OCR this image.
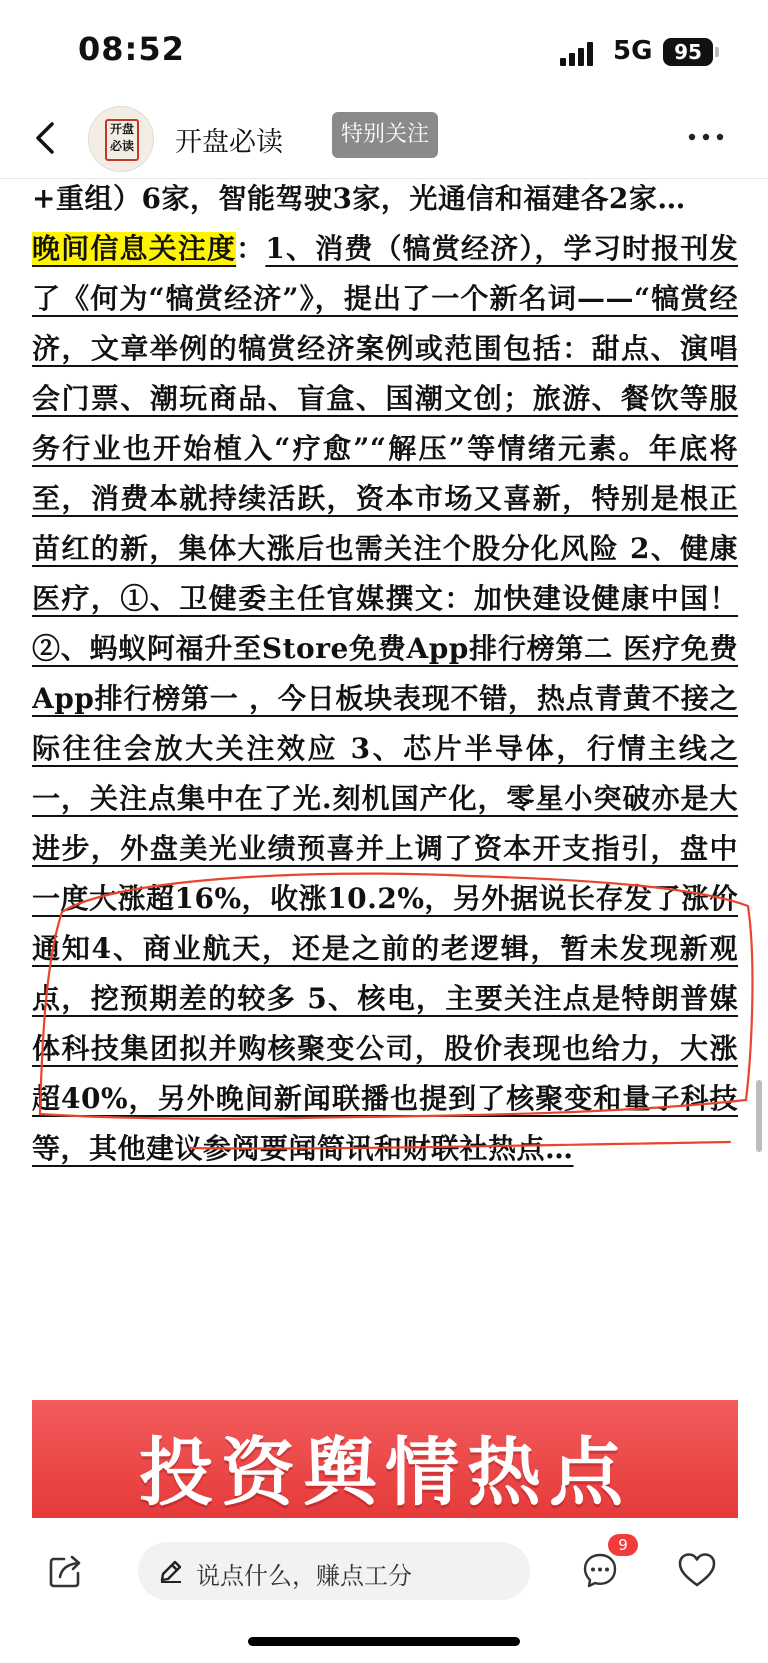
08:52	5G	95
开盘
必读 开盘必读	特别关注

+重组）6家，智能驾驶3家，光通信和福建各2家…
晚间信息关注度：1、消费（犒赏经济），学习时报刊发了《何为“犒赏经济”》，提出了一个新名词——“犒赏经济，文章举例的犒赏经济案例或范围包括：甜点、演唱会门票、潮玩商品、盲盒、国潮文创；旅游、餐饮等服务行业也开始植入“疗愈”“解压”等情绪元素。年底将至，消费本就持续活跃，资本市场又喜新，特别是根正苗红的新，集体大涨后也需关注个股分化风险 2、健康医疗，①、卫健委主任官媒撰文：加快建设健康中国！ ②、蚂蚁阿福升至Store免费App排行榜第二 医疗免费App排行榜第一 ，今日板块表现不错，热点青黄不接之际往往会放大关注效应 3、芯片半导体，行情主线之一，关注点集中在了光.刻机国产化，零星小突破亦是大进步，外盘美光业绩预喜并上调了资本开支指引，盘中一度大涨超16%，收涨10.2%，另外据说长存发了涨价通知4、商业航天，还是之前的老逻辑，暂未发现新观点，挖预期差的较多 5、核电，主要关注点是特朗普媒体科技集团拟并购核聚变公司，股价表现也给力，大涨超40%，另外晚间新闻联播也提到了核聚变和量子科技等，其他建议参阅要闻简讯和财联社热点…

投资舆情热点
说点什么，赚点工分
9
